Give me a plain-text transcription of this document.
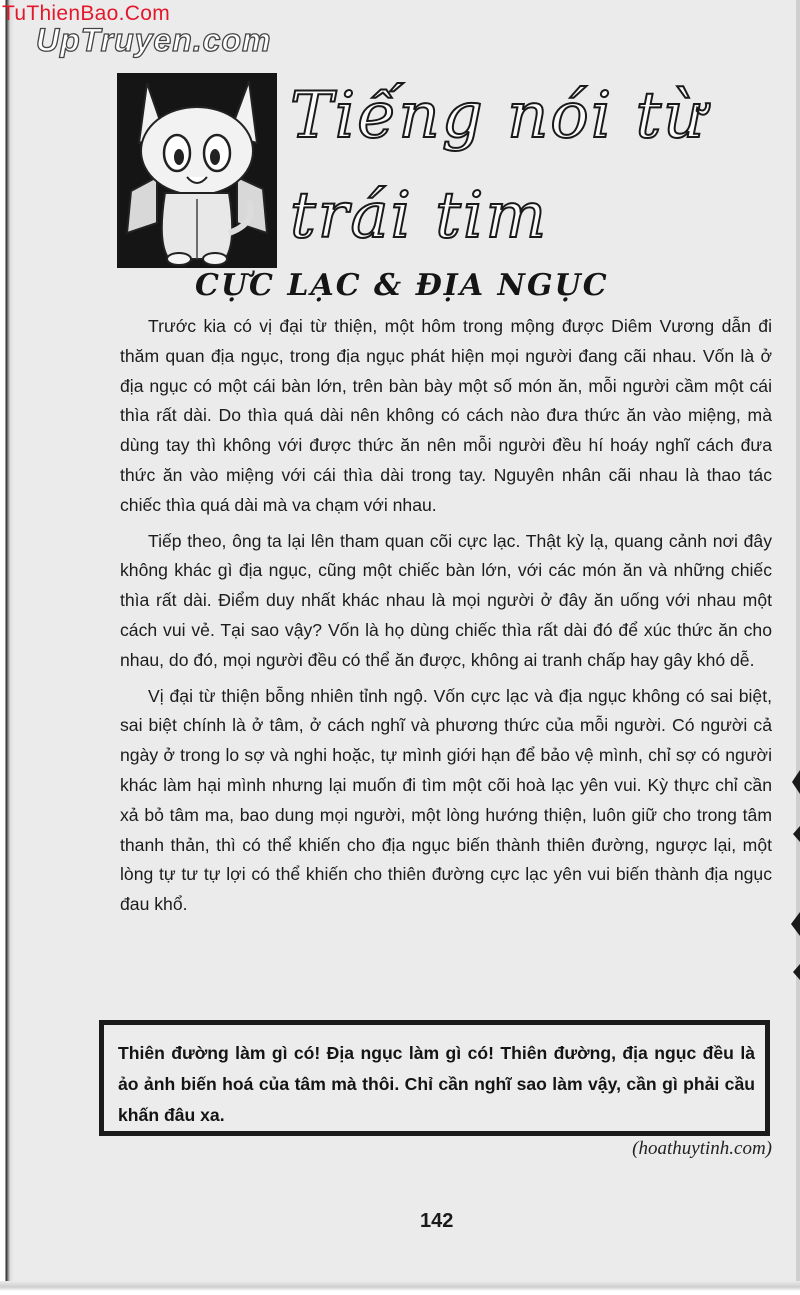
TuThienBao.Com
UpTruyen.com
Tiếng nói từ trái tim
CỰC LẠC & ĐỊA NGỤC

Trước kia có vị đại từ thiện, một hôm trong mộng được Diêm Vương dẫn đi thăm quan địa ngục, trong địa ngục phát hiện mọi người đang cãi nhau. Vốn là ở địa ngục có một cái bàn lớn, trên bàn bày một số món ăn, mỗi người cầm một cái thìa rất dài. Do thìa quá dài nên không có cách nào đưa thức ăn vào miệng, mà dùng tay thì không với được thức ăn nên mỗi người đều hí hoáy nghĩ cách đưa thức ăn vào miệng với cái thìa dài trong tay. Nguyên nhân cãi nhau là thao tác chiếc thìa quá dài mà va chạm với nhau.

Tiếp theo, ông ta lại lên tham quan cõi cực lạc. Thật kỳ lạ, quang cảnh nơi đây không khác gì địa ngục, cũng một chiếc bàn lớn, với các món ăn và những chiếc thìa rất dài. Điểm duy nhất khác nhau là mọi người ở đây ăn uống với nhau một cách vui vẻ. Tại sao vậy? Vốn là họ dùng chiếc thìa rất dài đó để xúc thức ăn cho nhau, do đó, mọi người đều có thể ăn được, không ai tranh chấp hay gây khó dễ.

Vị đại từ thiện bỗng nhiên tỉnh ngộ. Vốn cực lạc và địa ngục không có sai biệt, sai biệt chính là ở tâm, ở cách nghĩ và phương thức của mỗi người. Có người cả ngày ở trong lo sợ và nghi hoặc, tự mình giới hạn để bảo vệ mình, chỉ sợ có người khác làm hại mình nhưng lại muốn đi tìm một cõi hoà lạc yên vui. Kỳ thực chỉ cần xả bỏ tâm ma, bao dung mọi người, một lòng hướng thiện, luôn giữ cho trong tâm thanh thản, thì có thể khiến cho địa ngục biến thành thiên đường, ngược lại, một lòng tự tư tự lợi có thể khiến cho thiên đường cực lạc yên vui biến thành địa ngục đau khổ.

Thiên đường làm gì có! Địa ngục làm gì có! Thiên đường, địa ngục đều là ảo ảnh biến hoá của tâm mà thôi. Chỉ cần nghĩ sao làm vậy, cần gì phải cầu khấn đâu xa.
(hoathuytinh.com)
142
